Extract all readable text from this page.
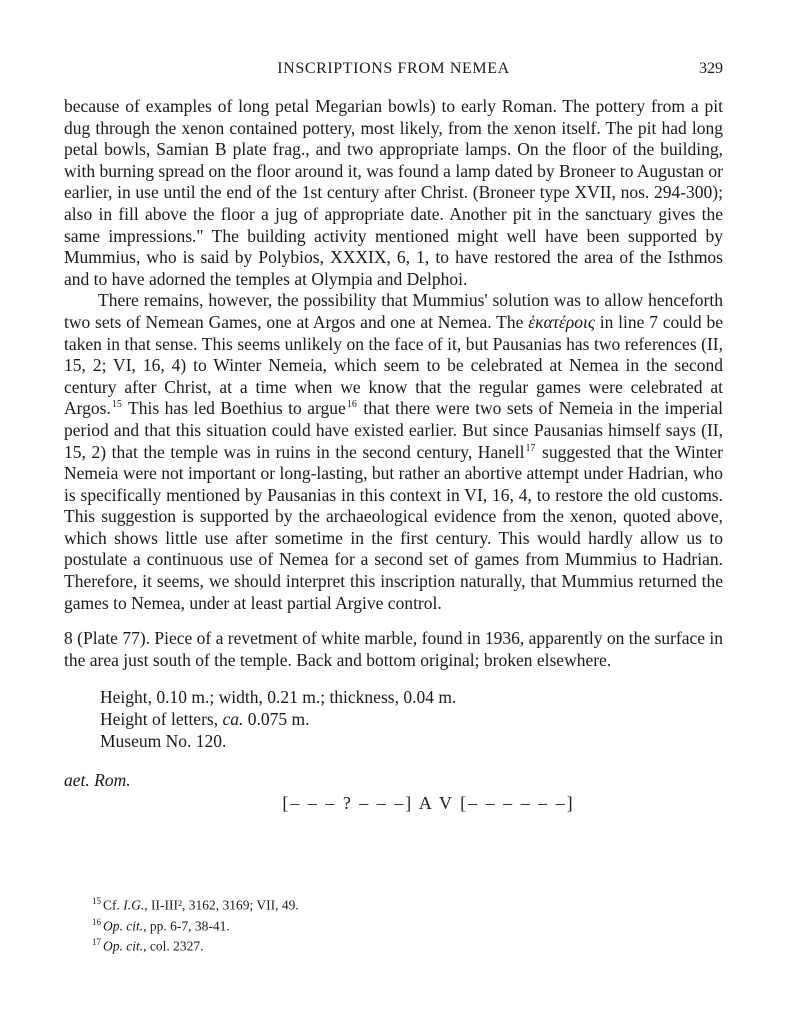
INSCRIPTIONS FROM NEMEA	329

because of examples of long petal Megarian bowls) to early Roman. The pottery from a pit dug through the xenon contained pottery, most likely, from the xenon itself. The pit had long petal bowls, Samian B plate frag., and two appropriate lamps. On the floor of the building, with burning spread on the floor around it, was found a lamp dated by Broneer to Augustan or earlier, in use until the end of the 1st century after Christ. (Broneer type XVII, nos. 294-300); also in fill above the floor a jug of appropriate date. Another pit in the sanctuary gives the same impressions." The building activity mentioned might well have been supported by Mummius, who is said by Polybios, XXXIX, 6, 1, to have restored the area of the Isthmos and to have adorned the temples at Olympia and Delphoi.

There remains, however, the possibility that Mummius' solution was to allow henceforth two sets of Nemean Games, one at Argos and one at Nemea. The ἑκατέροις in line 7 could be taken in that sense. This seems unlikely on the face of it, but Pausanias has two references (II, 15, 2; VI, 16, 4) to Winter Nemeia, which seem to be celebrated at Nemea in the second century after Christ, at a time when we know that the regular games were celebrated at Argos.$^{15}$ This has led Boethius to argue$^{16}$ that there were two sets of Nemeia in the imperial period and that this situation could have existed earlier. But since Pausanias himself says (II, 15, 2) that the temple was in ruins in the second century, Hanell$^{17}$ suggested that the Winter Nemeia were not important or long-lasting, but rather an abortive attempt under Hadrian, who is specifically mentioned by Pausanias in this context in VI, 16, 4, to restore the old customs. This suggestion is supported by the archaeological evidence from the xenon, quoted above, which shows little use after sometime in the first century. This would hardly allow us to postulate a continuous use of Nemea for a second set of games from Mummius to Hadrian. Therefore, it seems, we should interpret this inscription naturally, that Mummius returned the games to Nemea, under at least partial Argive control.

8 (Plate 77). Piece of a revetment of white marble, found in 1936, apparently on the surface in the area just south of the temple. Back and bottom original; broken elsewhere.

Height, 0.10 m.; width, 0.21 m.; thickness, 0.04 m.
Height of letters, ca. 0.075 m.
Museum No. 120.
aet. Rom.
[– – – ? – – –] A V [– – – – – –]
$^{15}$ Cf. I.G., II-III², 3162, 3169; VII, 49.
$^{16}$ Op. cit., pp. 6-7, 38-41.
$^{17}$ Op. cit., col. 2327.
